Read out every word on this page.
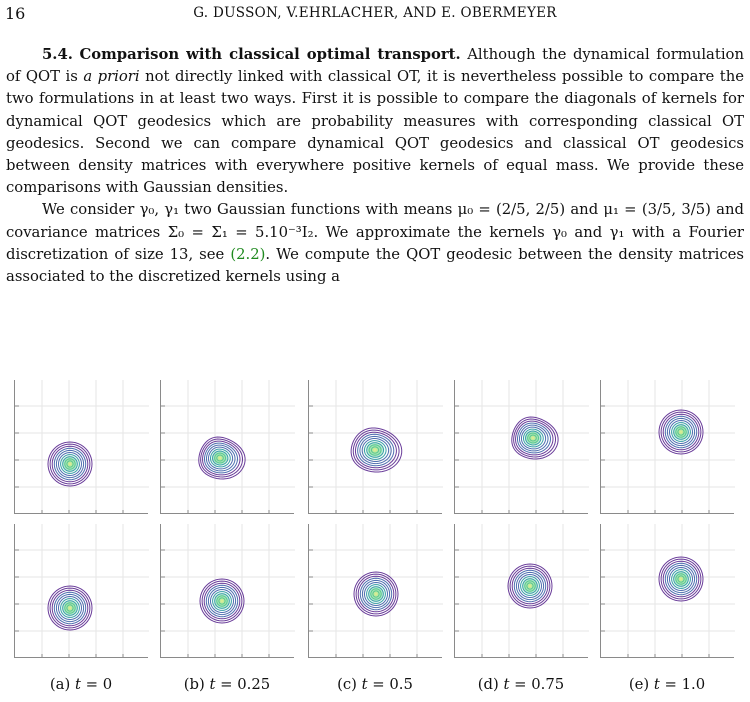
16	G. DUSSON, V.EHRLACHER, AND E. OBERMEYER

5.4. Comparison with classical optimal transport. Although the dynamical formulation of QOT is a priori not directly linked with classical OT, it is nevertheless possible to compare the two formulations in at least two ways. First it is possible to compare the diagonals of kernels for dynamical QOT geodesics which are probability measures with corresponding classical OT geodesics. Second we can compare dynamical QOT geodesics and classical OT geodesics between density matrices with everywhere positive kernels of equal mass. We provide these comparisons with Gaussian densities.

We consider γ₀, γ₁ two Gaussian functions with means μ₀ = (2/5, 2/5) and μ₁ = (3/5, 3/5) and covariance matrices Σ₀ = Σ₁ = 5.10⁻³I₂. We approximate the kernels γ₀ and γ₁ with a Fourier discretization of size 13, see (2.2). We compute the QOT geodesic between the density matrices associated to the discretized kernels using a

(a) t = 0	(b) t = 0.25	(c) t = 0.5	(d) t = 0.75	(e) t = 1.0
